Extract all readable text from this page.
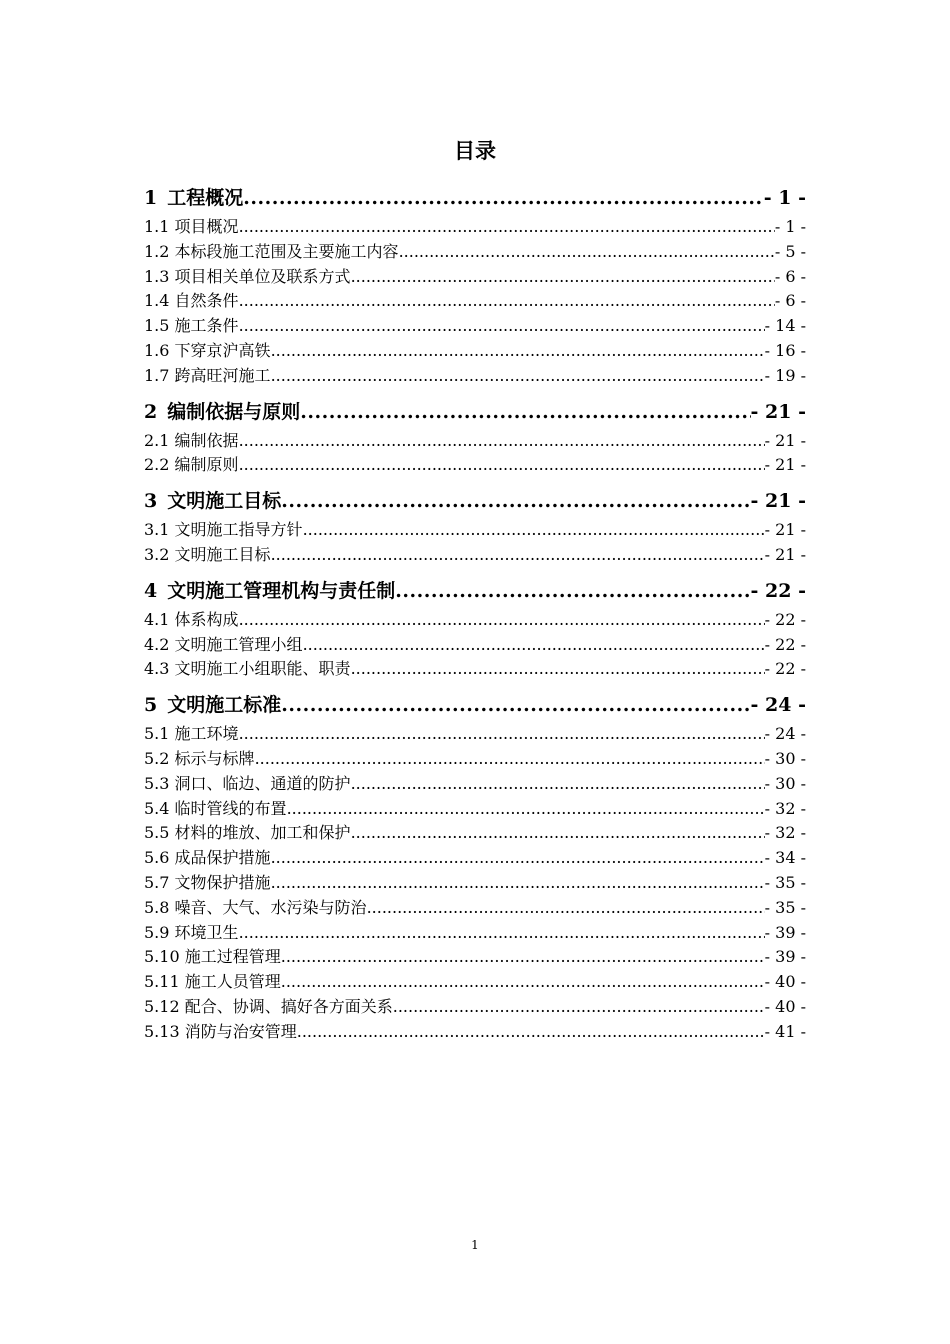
目录
1 工程概况 .....	- 1 -
1.1 项目概况 .....	- 1 -
1.2 本标段施工范围及主要施工内容 .....	- 5 -
1.3 项目相关单位及联系方式 .....	- 6 -
1.4 自然条件 .....	- 6 -
1.5 施工条件 .....	- 14 -
1.6 下穿京沪高铁 .....	- 16 -
1.7 跨高旺河施工 .....	- 19 -
2 编制依据与原则 .....	- 21 -
2.1 编制依据 .....	- 21 -
2.2 编制原则 .....	- 21 -
3 文明施工目标 .....	- 21 -
3.1 文明施工指导方针 .....	- 21 -
3.2 文明施工目标 .....	- 21 -
4 文明施工管理机构与责任制 .....	- 22 -
4.1 体系构成 .....	- 22 -
4.2 文明施工管理小组 .....	- 22 -
4.3 文明施工小组职能、职责 .....	- 22 -
5 文明施工标准 .....	- 24 -
5.1 施工环境 .....	- 24 -
5.2 标示与标牌 .....	- 30 -
5.3 洞口、临边、通道的防护 .....	- 30 -
5.4 临时管线的布置 .....	- 32 -
5.5 材料的堆放、加工和保护 .....	- 32 -
5.6 成品保护措施 .....	- 34 -
5.7 文物保护措施 .....	- 35 -
5.8 噪音、大气、水污染与防治 .....	- 35 -
5.9 环境卫生 .....	- 39 -
5.10 施工过程管理 .....	- 39 -
5.11 施工人员管理 .....	- 40 -
5.12 配合、协调、搞好各方面关系 .....	- 40 -
5.13 消防与治安管理 .....	- 41 -
1
